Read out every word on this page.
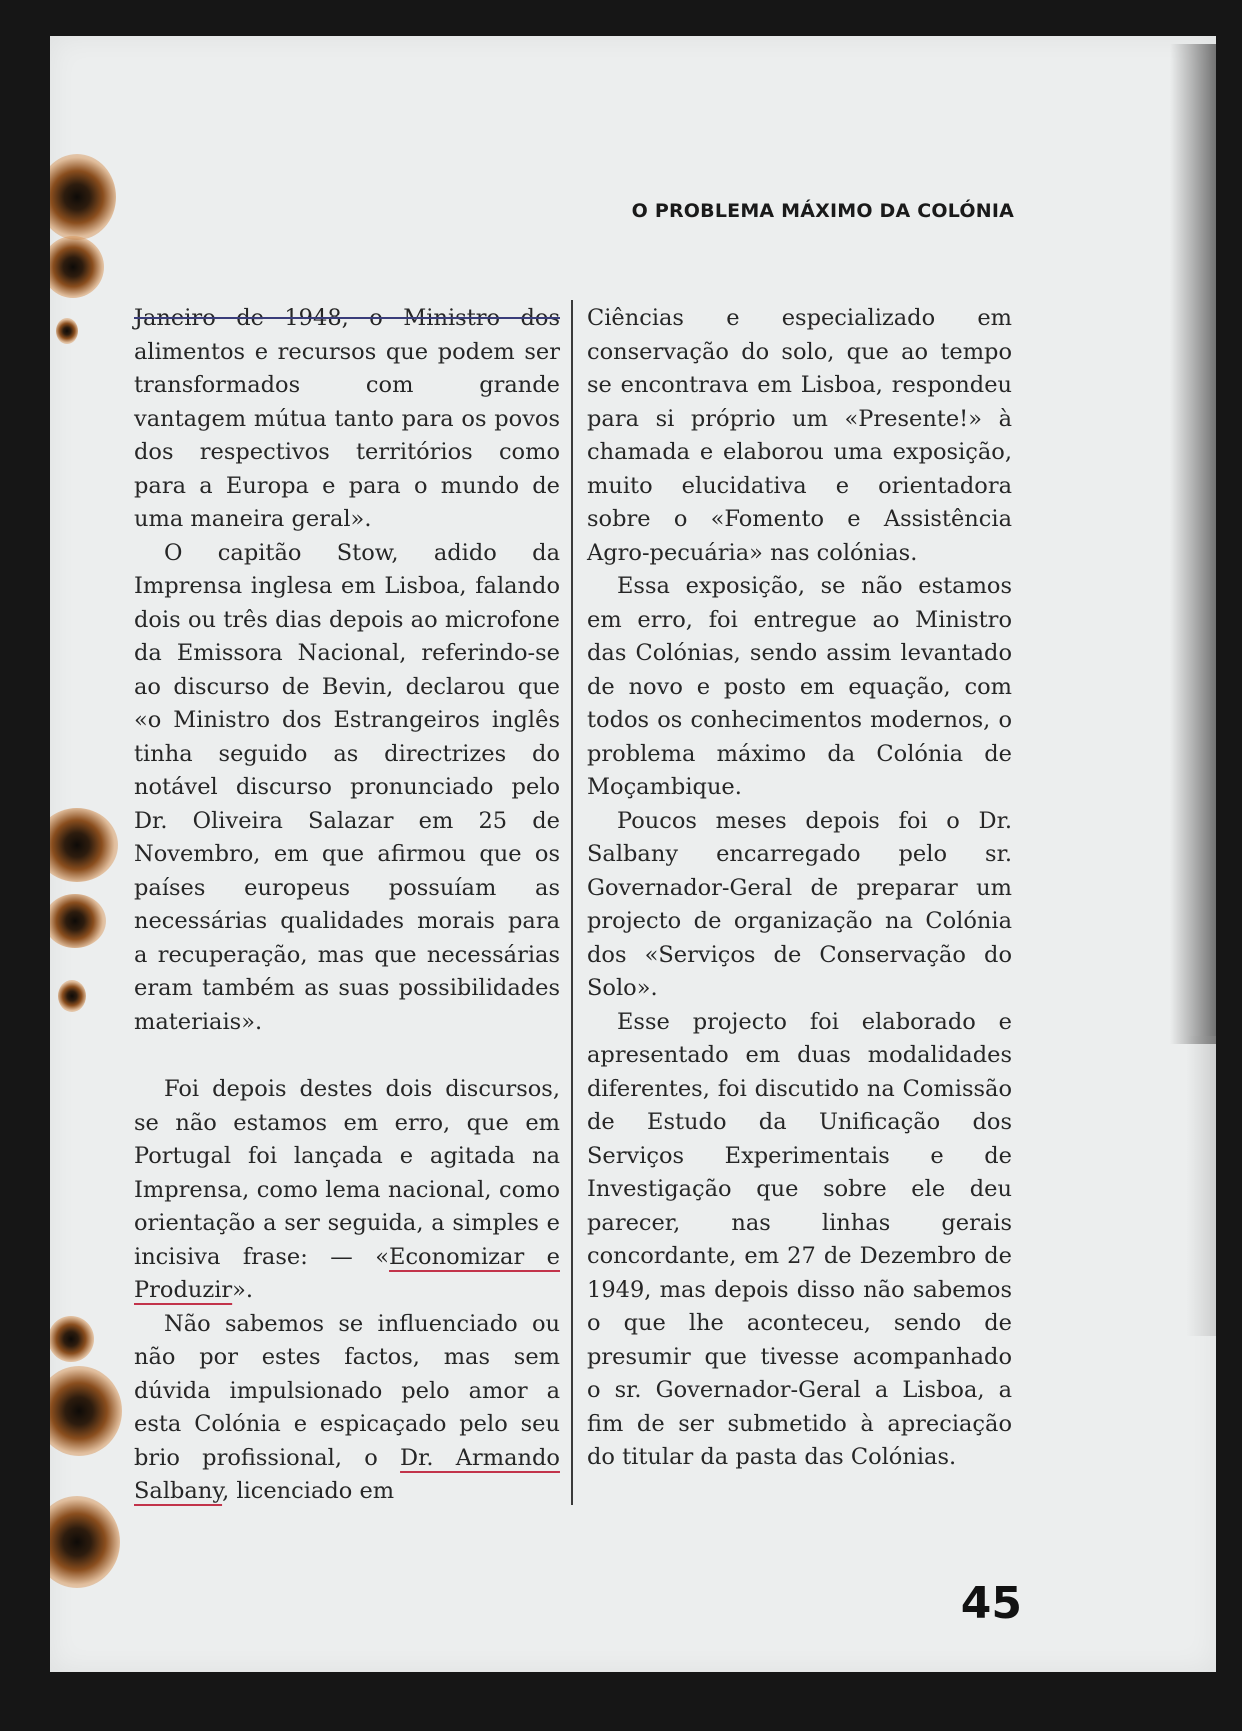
O PROBLEMA MÁXIMO DA COLÓNIA

Janeiro de 1948, o Ministro dos alimentos e recursos que podem ser transformados com grande vantagem mútua tanto para os povos dos respectivos territórios como para a Europa e para o mundo de uma maneira geral».

O capitão Stow, adido da Imprensa inglesa em Lisboa, falando dois ou três dias depois ao microfone da Emissora Nacional, referindo-se ao discurso de Bevin, declarou que «o Ministro dos Estrangeiros inglês tinha seguido as directrizes do notável discurso pronunciado pelo Dr. Oliveira Salazar em 25 de Novembro, em que afirmou que os países europeus possuíam as necessárias qualidades morais para a recuperação, mas que necessárias eram também as suas possibilidades materiais».

Foi depois destes dois discursos, se não estamos em erro, que em Portugal foi lançada e agitada na Imprensa, como lema nacional, como orientação a ser seguida, a simples e incisiva frase: — «Economizar e Produzir».

Não sabemos se influenciado ou não por estes factos, mas sem dúvida impulsionado pelo amor a esta Colónia e espicaçado pelo seu brio profissional, o Dr. Armando Salbany, licenciado em

Ciências e especializado em conservação do solo, que ao tempo se encontrava em Lisboa, respondeu para si próprio um «Presente!» à chamada e elaborou uma exposição, muito elucidativa e orientadora sobre o «Fomento e Assistência Agro-pecuária» nas colónias.

Essa exposição, se não estamos em erro, foi entregue ao Ministro das Colónias, sendo assim levantado de novo e posto em equação, com todos os conhecimentos modernos, o problema máximo da Colónia de Moçambique.

Poucos meses depois foi o Dr. Salbany encarregado pelo sr. Governador-Geral de preparar um projecto de organização na Colónia dos «Serviços de Conservação do Solo».

Esse projecto foi elaborado e apresentado em duas modalidades diferentes, foi discutido na Comissão de Estudo da Unificação dos Serviços Experimentais e de Investigação que sobre ele deu parecer, nas linhas gerais concordante, em 27 de Dezembro de 1949, mas depois disso não sabemos o que lhe aconteceu, sendo de presumir que tivesse acompanhado o sr. Governador-Geral a Lisboa, a fim de ser submetido à apreciação do titular da pasta das Colónias.

45
